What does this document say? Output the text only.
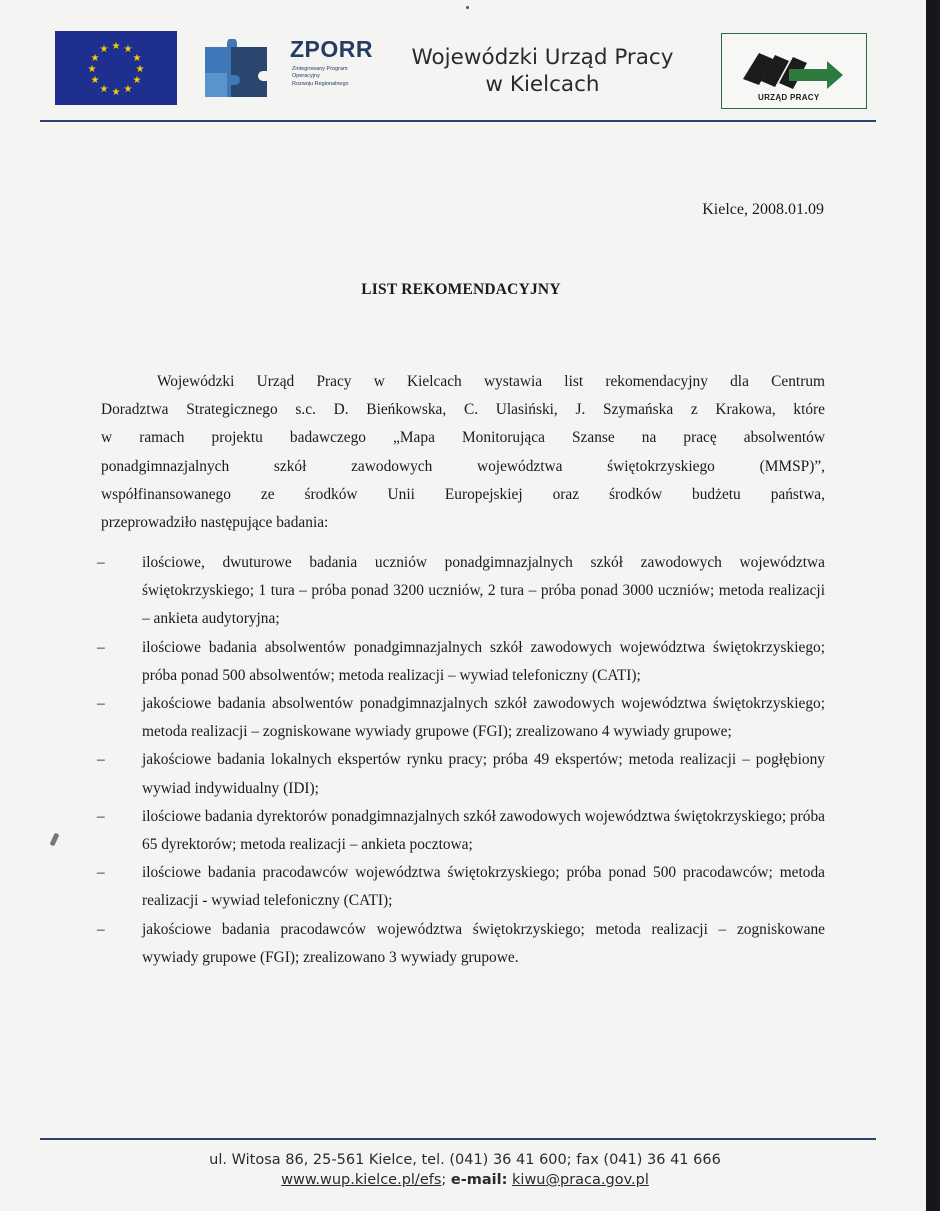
★ ★
★
★
★
★
★
★
★
★
★
★	ZPORR
Zintegrowany Program
Operacyjny
Rozwoju Regionalnego
Wojewódzki Urząd Pracy
w Kielcach
URZĄD PRACY
Kielce, 2008.01.09
LIST REKOMENDACYJNY
Wojewódzki Urząd Pracy w Kielcach wystawia list rekomendacyjny dla Centrum
Doradztwa Strategicznego s.c. D. Bieńkowska, C. Ulasiński, J. Szymańska z Krakowa, które
w ramach projektu badawczego „Mapa Monitorująca Szanse na pracę absolwentów
ponadgimnazjalnych szkół zawodowych województwa świętokrzyskiego (MMSP)”,
współfinansowanego ze środków Unii Europejskiej oraz środków budżetu państwa,
przeprowadziło następujące badania:
– ilościowe, dwuturowe badania uczniów ponadgimnazjalnych szkół zawodowych województwa świętokrzyskiego; 1 tura – próba ponad 3200 uczniów, 2 tura – próba ponad 3000 uczniów; metoda realizacji – ankieta audytoryjna;
– ilościowe badania absolwentów ponadgimnazjalnych szkół zawodowych województwa świętokrzyskiego; próba ponad 500 absolwentów; metoda realizacji – wywiad telefoniczny (CATI);
– jakościowe badania absolwentów ponadgimnazjalnych szkół zawodowych województwa świętokrzyskiego; metoda realizacji – zogniskowane wywiady grupowe (FGI); zrealizowano 4 wywiady grupowe;
– jakościowe badania lokalnych ekspertów rynku pracy; próba 49 ekspertów; metoda realizacji – pogłębiony wywiad indywidualny (IDI);
– ilościowe badania dyrektorów ponadgimnazjalnych szkół zawodowych województwa świętokrzyskiego; próba 65 dyrektorów; metoda realizacji – ankieta pocztowa;
– ilościowe badania pracodawców województwa świętokrzyskiego; próba ponad 500 pracodawców; metoda realizacji - wywiad telefoniczny (CATI);
– jakościowe badania pracodawców województwa świętokrzyskiego; metoda realizacji – zogniskowane wywiady grupowe (FGI); zrealizowano 3 wywiady grupowe.
ul. Witosa 86, 25-561 Kielce, tel. (041) 36 41 600; fax (041) 36 41 666
www.wup.kielce.pl/efs; e-mail: kiwu@praca.gov.pl
